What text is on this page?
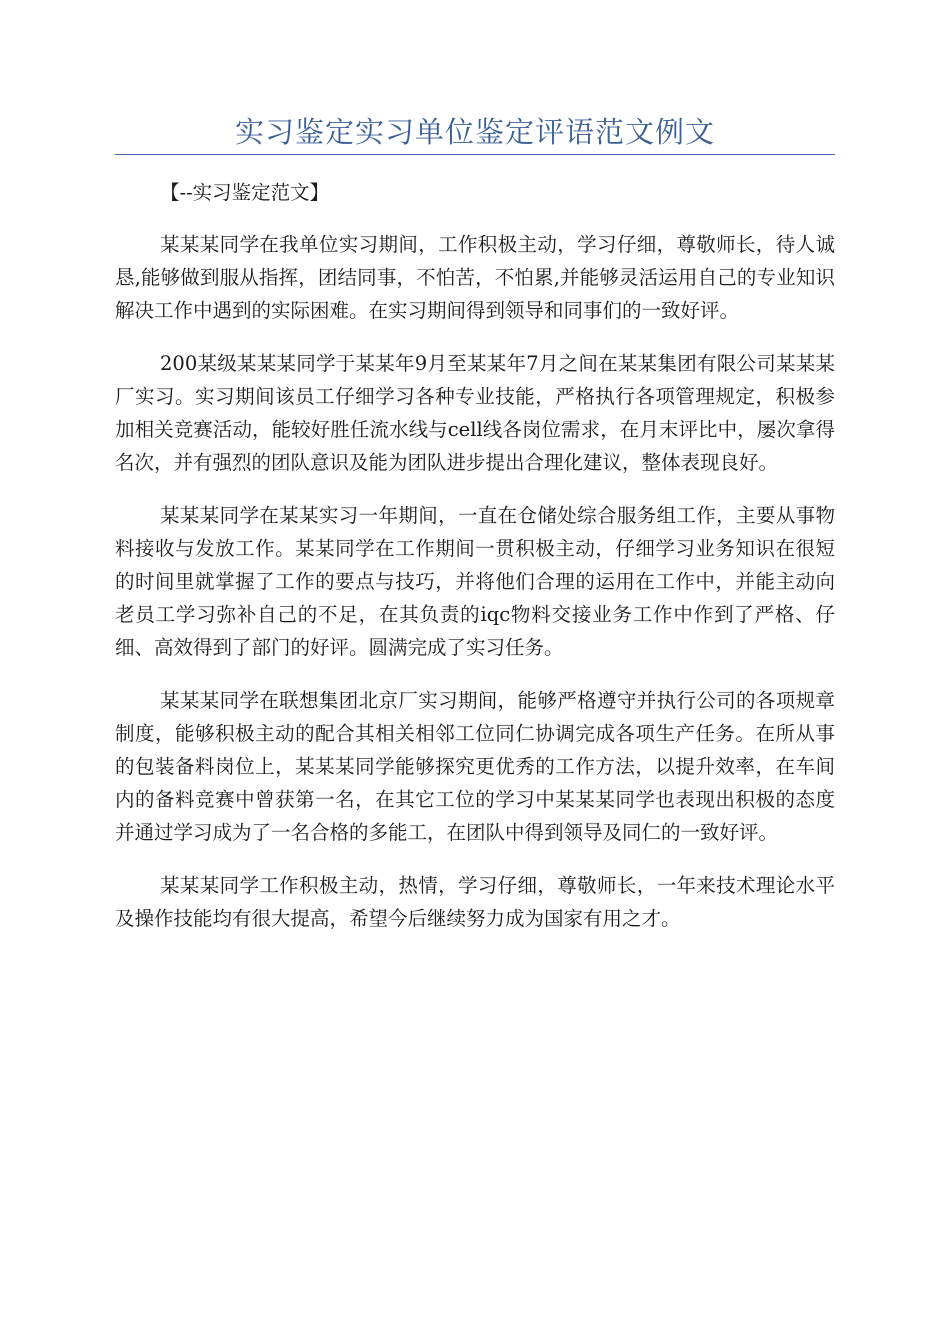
实习鉴定实习单位鉴定评语范文例文

【--实习鉴定范文】

某某某同学在我单位实习期间，工作积极主动，学习仔细，尊敬师长，待人诚恳,能够做到服从指挥，团结同事，不怕苦，不怕累,并能够灵活运用自己的专业知识解决工作中遇到的实际困难。在实习期间得到领导和同事们的一致好评。

200某级某某某同学于某某年9月至某某年7月之间在某某集团有限公司某某某厂实习。实习期间该员工仔细学习各种专业技能，严格执行各项管理规定，积极参加相关竞赛活动，能较好胜任流水线与cell线各岗位需求，在月末评比中，屡次拿得名次，并有强烈的团队意识及能为团队进步提出合理化建议，整体表现良好。

某某某同学在某某实习一年期间，一直在仓储处综合服务组工作，主要从事物料接收与发放工作。某某同学在工作期间一贯积极主动，仔细学习业务知识在很短的时间里就掌握了工作的要点与技巧，并将他们合理的运用在工作中，并能主动向老员工学习弥补自己的不足，在其负责的iqc物料交接业务工作中作到了严格、仔细、高效得到了部门的好评。圆满完成了实习任务。

某某某同学在联想集团北京厂实习期间，能够严格遵守并执行公司的各项规章制度，能够积极主动的配合其相关相邻工位同仁协调完成各项生产任务。在所从事的包装备料岗位上，某某某同学能够探究更优秀的工作方法，以提升效率，在车间内的备料竞赛中曾获第一名，在其它工位的学习中某某某同学也表现出积极的态度并通过学习成为了一名合格的多能工，在团队中得到领导及同仁的一致好评。

某某某同学工作积极主动，热情，学习仔细，尊敬师长，一年来技术理论水平及操作技能均有很大提高，希望今后继续努力成为国家有用之才。
